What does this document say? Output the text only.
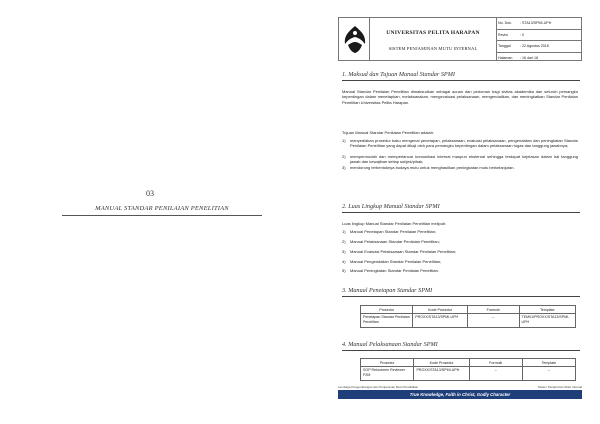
03
MANUAL STANDAR PENILAIAN PENELITIAN
UNIVERSITAS PELITA HARAPAN
SISTEM PENJAMINAN MUTU INTERNAL
No. Dok.	: STA13/SPMI-UPH
Revisi	: 0
Tanggal	: 22 Agustus 2018
Halaman	: 16 dari 18
1. Maksud dan Tujuan Manual Standar SPMI
Manual Standar Penilaian Penelitian dimaksudkan sebagai acuan dan pedoman bagi sivitas akademika dan seluruh pemangku kepentingan dalam menetapkan, melaksanakan, mengevaluasi pelaksanaan, mengendalikan, dan meningkatkan Standar Penilaian Penelitian Universitas Pelita Harapan.
Tujuan Manual Standar Penilaian Penelitian adalah:
1) menyediakan prosedur baku mengenai penetapan, pelaksanaan, evaluasi pelaksanaan, pengendalian dan peningkatan Standar Penilaian Penelitian yang dapat dikaji oleh para pemangku kepentingan dalam pelaksanaan tugas dan tanggung jawabnya;
2) mempermudah dan memperlancar komunikasi internal maupun eksternal sehingga terdapat kejelasan dalam hal tanggung jawab dan kewajiban setiap subjek/pihak;
3) mendorong terbentuknya budaya mutu untuk menghasilkan peningkatan mutu berkelanjutan.
2. Luas Lingkup Manual Standar SPMI
Luas lingkup Manual Standar Penilaian Penelitian meliputi:
1) Manual Penetapan Standar Penilaian Penelitian;
2) Manual Pelaksanaan Standar Penilaian Penelitian;
3) Manual Evaluasi Pelaksanaan Standar Penilaian Penelitian;
4) Manual Pengendalian Standar Penilaian Penelitian;
5) Manual Peningkatan Standar Penilaian Penelitian.
3. Manual Penetapan Standar SPMI
Prosedur	Kode Prosedur	Formulir	Template
Penetapan Standar Penilaian Penelitian	PROXX/STA13/SPMI-UPH	–	TEM01/PROXX/STA13/SPMI-UPH
4. Manual Pelaksanaan Standar SPMI
Prosedur	Kode Prosedur	Formulir	Template
SOP Rekrutmen Reviewer P2M	PROXX/STA13/SPMI-UPH	–	–
Lembaga Pengembangan dan Penjaminan Mutu Pendidikan	Sistem Penjaminan Mutu Internal
True Knowledge, Faith in Christ, Godly Character
